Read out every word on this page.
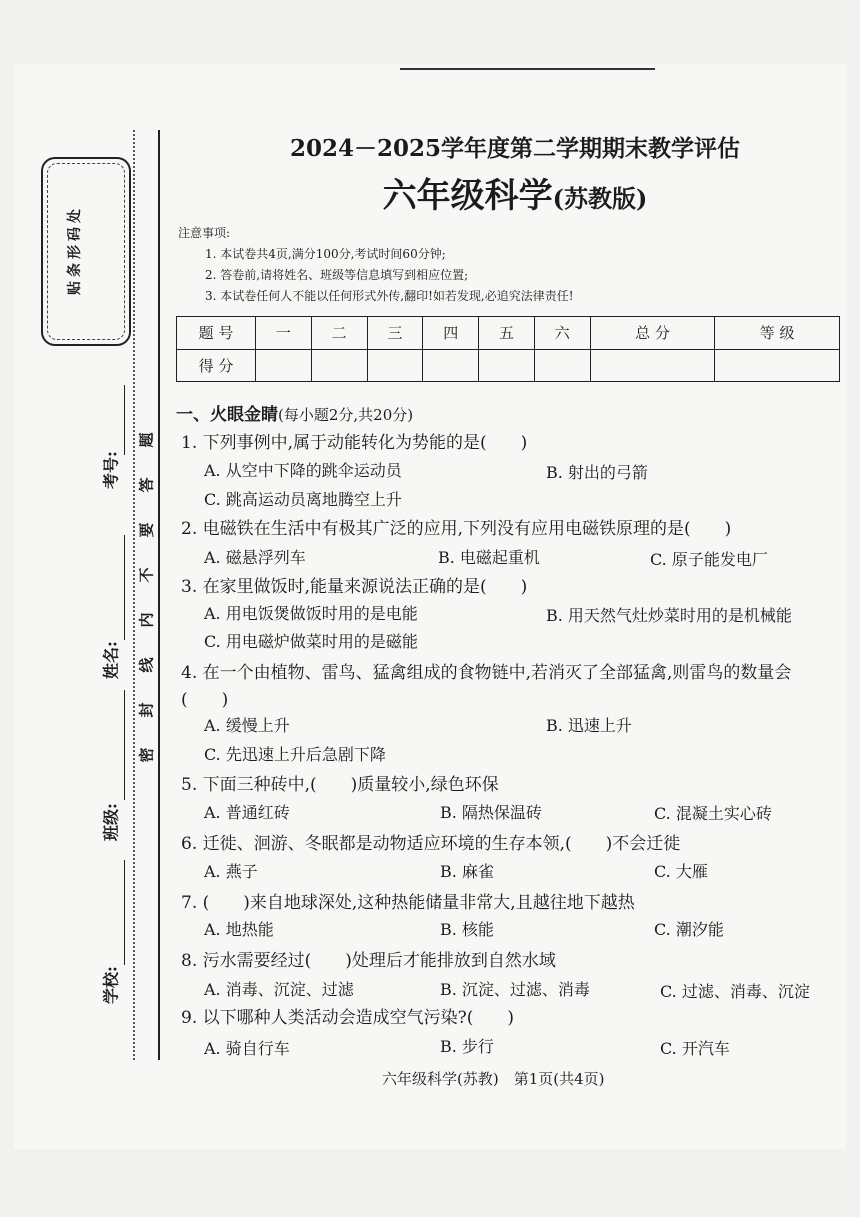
贴条形码处
考号:
姓名:
班级:
学校:
题
答
要
不
内
线
封
密
2024－2025学年度第二学期期末教学评估
六年级科学(苏教版)
注意事项:
1. 本试卷共4页,满分100分,考试时间60分钟;
2. 答卷前,请将姓名、班级等信息填写到相应位置;
3. 本试卷任何人不能以任何形式外传,翻印!如若发现,必追究法律责任!
题 号	一	二	三	四	五	六	总 分	等 级
得 分								
一、火眼金睛(每小题2分,共20分)
1. 下列事例中,属于动能转化为势能的是(　　)
A. 从空中下降的跳伞运动员	B. 射出的弓箭
C. 跳高运动员离地腾空上升
2. 电磁铁在生活中有极其广泛的应用,下列没有应用电磁铁原理的是(　　)
A. 磁悬浮列车	B. 电磁起重机	C. 原子能发电厂
3. 在家里做饭时,能量来源说法正确的是(　　)
A. 用电饭煲做饭时用的是电能	B. 用天然气灶炒菜时用的是机械能
C. 用电磁炉做菜时用的是磁能
4. 在一个由植物、雷鸟、猛禽组成的食物链中,若消灭了全部猛禽,则雷鸟的数量会
(　　)
A. 缓慢上升	B. 迅速上升
C. 先迅速上升后急剧下降
5. 下面三种砖中,(　　)质量较小,绿色环保
A. 普通红砖	B. 隔热保温砖	C. 混凝土实心砖
6. 迁徙、洄游、冬眠都是动物适应环境的生存本领,(　　)不会迁徙
A. 燕子	B. 麻雀	C. 大雁
7. (　　)来自地球深处,这种热能储量非常大,且越往地下越热
A. 地热能	B. 核能	C. 潮汐能
8. 污水需要经过(　　)处理后才能排放到自然水域
A. 消毒、沉淀、过滤	B. 沉淀、过滤、消毒	C. 过滤、消毒、沉淀
9. 以下哪种人类活动会造成空气污染?(　　)
A. 骑自行车	B. 步行	C. 开汽车
六年级科学(苏教)　第1页(共4页)
